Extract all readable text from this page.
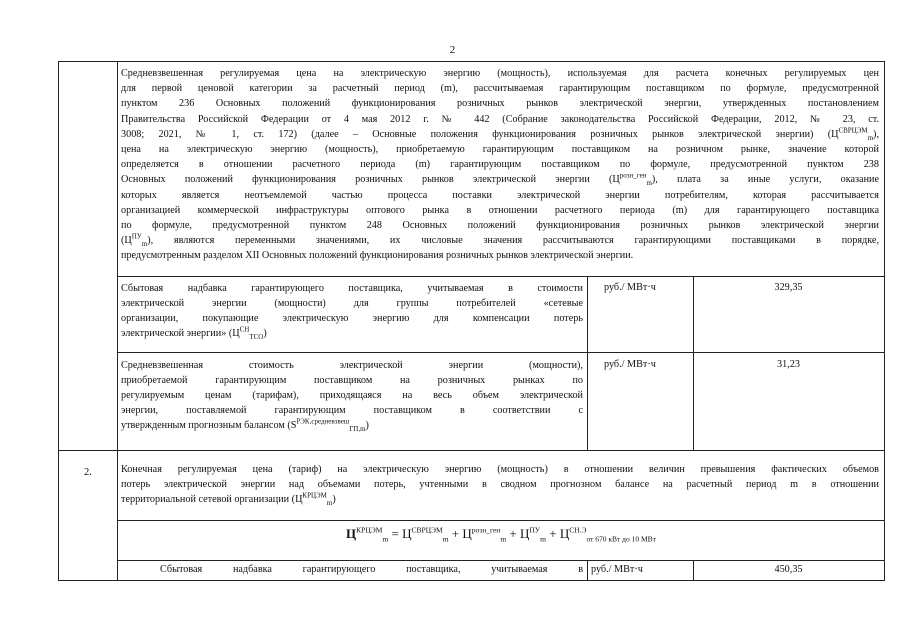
2
Средневзвешенная регулируемая цена на электрическую энергию (мощность), используемая для расчета конечных регулируемых цен
для первой ценовой категории за расчетный период (m), рассчитываемая гарантирующим поставщиком по формуле, предусмотренной
пунктом 236 Основных положений функционирования розничных рынков электрической энергии, утвержденных постановлением
Правительства Российской Федерации от 4 мая 2012 г. № 442 (Собрание законодательства Российской Федерации, 2012, № 23, ст.
3008; 2021, № 1, ст. 172) (далее – Основные положения функционирования розничных рынков электрической энергии) $(Ц^{СВРЦЭМ}_m)$,
цена на электрическую энергию (мощность), приобретаемую гарантирующим поставщиком на розничном рынке, значение которой
определяется в отношении расчетного периода (m) гарантирующим поставщиком по формуле, предусмотренной пунктом 238
Основных положений функционирования розничных рынков электрической энергии $(Ц^{розн\_ген}_m)$, плата за иные услуги, оказание
которых является неотъемлемой частью процесса поставки электрической энергии потребителям, которая рассчитывается
организацией коммерческой инфраструктуры оптового рынка в отношении расчетного периода (m) для гарантирующего поставщика
по формуле, предусмотренной пунктом 248 Основных положений функционирования розничных рынков электрической энергии
$(Ц^{ПУ}_m)$, являются переменными значениями, их числовые значения рассчитываются гарантирующими поставщиками в порядке,
предусмотренным разделом XII Основных положений функционирования розничных рынков электрической энергии.
Сбытовая надбавка гарантирующего поставщика, учитываемая в стоимости
электрической энергии (мощности) для группы потребителей «сетевые
организации, покупающие электрическую энергию для компенсации потерь
электрической энергии» $(Ц^{СН}_{ТСО})$
руб./ МВт·ч	329,35
Средневзвешенная стоимость электрической энергии (мощности),
приобретаемой гарантирующим поставщиком на розничных рынках по
регулируемым ценам (тарифам), приходящаяся на весь объем электрической
энергии, поставляемой гарантирующим поставщиком в соответствии с
утвержденным прогнозным балансом $(S^{РЭК,средневзвеш}_{ГП,m})$
руб./ МВт·ч	31,23
2.	Конечная регулируемая цена (тариф) на электрическую энергию (мощность) в отношении величин превышения фактических объемов
потерь электрической энергии над объемами потерь, учтенными в сводном прогнозном балансе на расчетный период m в отношении
территориальной сетевой организации $(Ц^{КРЦЭМ}_m)$
$Ц^{КРЦЭМ}_m = Ц^{СВРЦЭМ}_m + Ц^{розн\_ген}_m + Ц^{ПУ}_m + Ц^{СН.Э}_{от 670 кВт до 10 МВт}$
Сбытовая надбавка гарантирующего поставщика, учитываемая в руб./ МВт·ч	450,35
